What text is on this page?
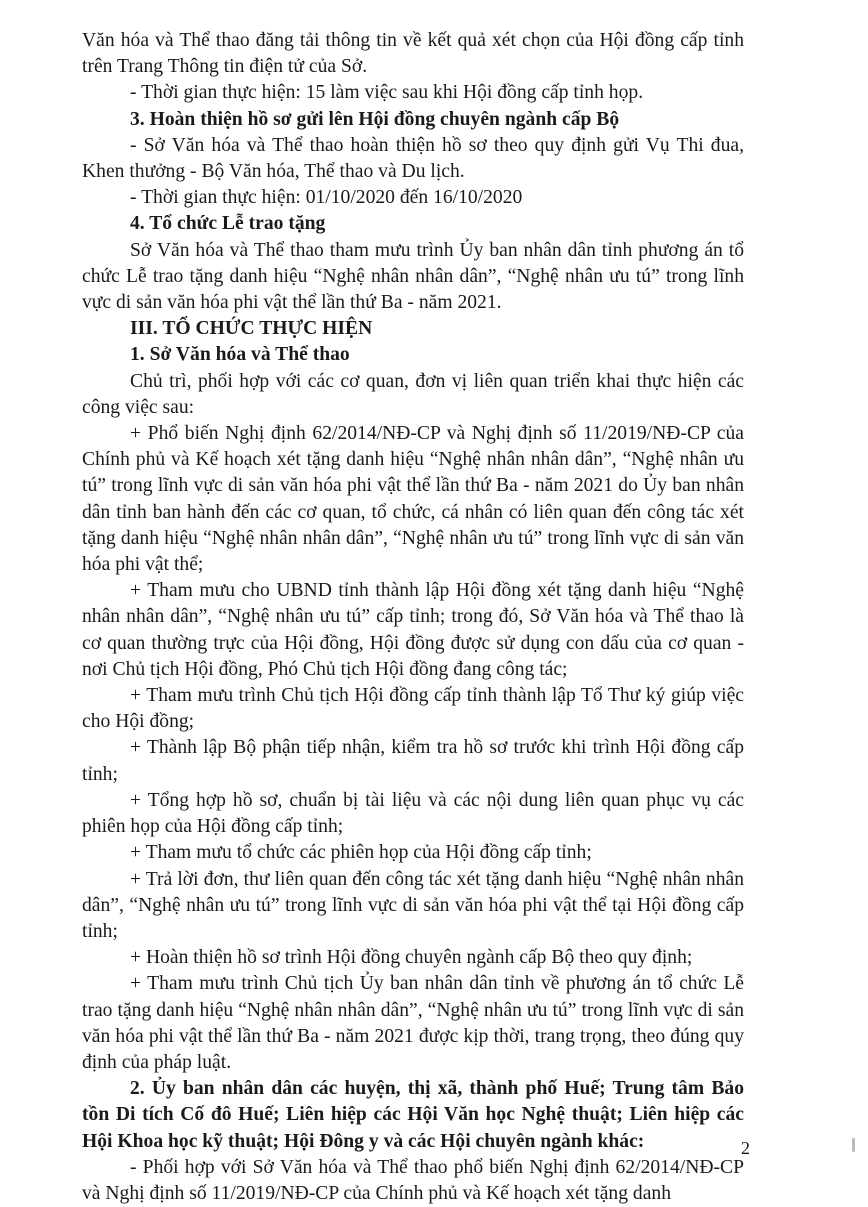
Văn hóa và Thể thao đăng tải thông tin về kết quả xét chọn của Hội đồng cấp tỉnh trên Trang Thông tin điện tử của Sở.

- Thời gian thực hiện: 15 làm việc sau khi Hội đồng cấp tỉnh họp.

3. Hoàn thiện hồ sơ gửi lên Hội đồng chuyên ngành cấp Bộ

- Sở Văn hóa và Thể thao hoàn thiện hồ sơ theo quy định gửi Vụ Thi đua, Khen thưởng - Bộ Văn hóa, Thể thao và Du lịch.

- Thời gian thực hiện: 01/10/2020 đến 16/10/2020

4. Tổ chức Lễ trao tặng

Sở Văn hóa và Thể thao tham mưu trình Ủy ban nhân dân tỉnh phương án tổ chức Lễ trao tặng danh hiệu “Nghệ nhân nhân dân”, “Nghệ nhân ưu tú” trong lĩnh vực di sản văn hóa phi vật thể lần thứ Ba - năm 2021.

III. TỔ CHỨC THỰC HIỆN

1. Sở Văn hóa và Thể thao

Chủ trì, phối hợp với các cơ quan, đơn vị liên quan triển khai thực hiện các công việc sau:

+ Phổ biến Nghị định 62/2014/NĐ-CP và Nghị định số 11/2019/NĐ-CP của Chính phủ và Kế hoạch xét tặng danh hiệu “Nghệ nhân nhân dân”, “Nghệ nhân ưu tú” trong lĩnh vực di sản văn hóa phi vật thể lần thứ Ba - năm 2021 do Ủy ban nhân dân tỉnh ban hành đến các cơ quan, tổ chức, cá nhân có liên quan đến công tác xét tặng danh hiệu “Nghệ nhân nhân dân”, “Nghệ nhân ưu tú” trong lĩnh vực di sản văn hóa phi vật thể;

+ Tham mưu cho UBND tỉnh thành lập Hội đồng xét tặng danh hiệu “Nghệ nhân nhân dân”, “Nghệ nhân ưu tú” cấp tỉnh; trong đó, Sở Văn hóa và Thể thao là cơ quan thường trực của Hội đồng, Hội đồng được sử dụng con dấu của cơ quan - nơi Chủ tịch Hội đồng, Phó Chủ tịch Hội đồng đang công tác;

+ Tham mưu trình Chủ tịch Hội đồng cấp tỉnh thành lập Tổ Thư ký giúp việc cho Hội đồng;

+ Thành lập Bộ phận tiếp nhận, kiểm tra hồ sơ trước khi trình Hội đồng cấp tỉnh;

+ Tổng hợp hồ sơ, chuẩn bị tài liệu và các nội dung liên quan phục vụ các phiên họp của Hội đồng cấp tỉnh;

+ Tham mưu tổ chức các phiên họp của Hội đồng cấp tỉnh;

+ Trả lời đơn, thư liên quan đến công tác xét tặng danh hiệu “Nghệ nhân nhân dân”, “Nghệ nhân ưu tú” trong lĩnh vực di sản văn hóa phi vật thể tại Hội đồng cấp tỉnh;

+ Hoàn thiện hồ sơ trình Hội đồng chuyên ngành cấp Bộ theo quy định;

+ Tham mưu trình Chủ tịch Ủy ban nhân dân tỉnh về phương án tổ chức Lễ trao tặng danh hiệu “Nghệ nhân nhân dân”, “Nghệ nhân ưu tú” trong lĩnh vực di sản văn hóa phi vật thể lần thứ Ba - năm 2021 được kịp thời, trang trọng, theo đúng quy định của pháp luật.

2. Ủy ban nhân dân các huyện, thị xã, thành phố Huế; Trung tâm Bảo tồn Di tích Cố đô Huế; Liên hiệp các Hội Văn học Nghệ thuật; Liên hiệp các Hội Khoa học kỹ thuật; Hội Đông y và các Hội chuyên ngành khác:

- Phối hợp với Sở Văn hóa và Thể thao phổ biến Nghị định 62/2014/NĐ-CP và Nghị định số 11/2019/NĐ-CP của Chính phủ và Kế hoạch xét tặng danh

2
